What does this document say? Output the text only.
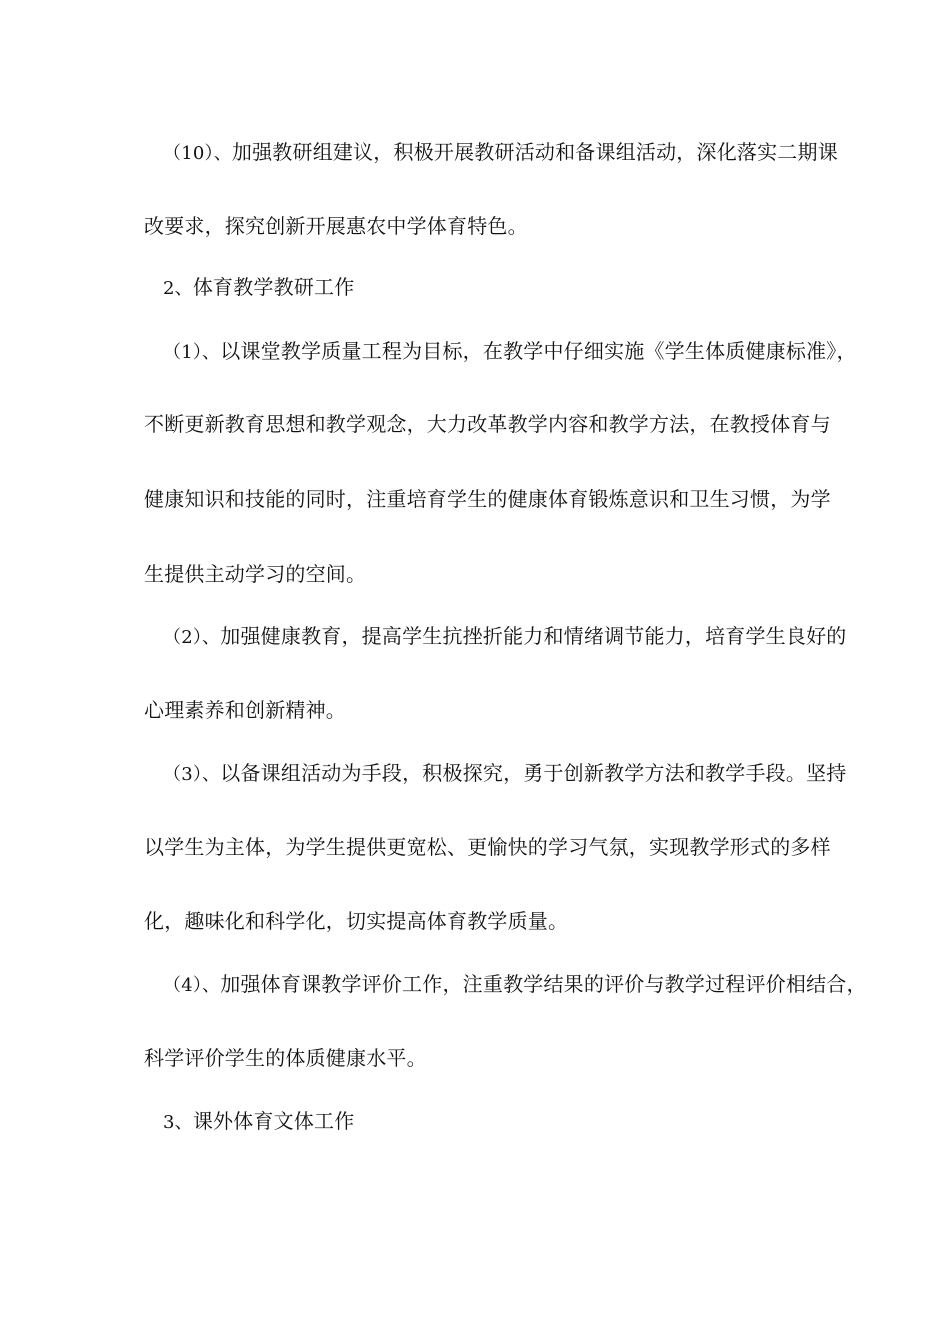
（10）、加强教研组建议，积极开展教研活动和备课组活动，深化落实二期课
改要求，探究创新开展惠农中学体育特色。
2、体育教学教研工作
（1）、以课堂教学质量工程为目标，在教学中仔细实施《学生体质健康标准》，
不断更新教育思想和教学观念，大力改革教学内容和教学方法，在教授体育与
健康知识和技能的同时，注重培育学生的健康体育锻炼意识和卫生习惯，为学
生提供主动学习的空间。
（2）、加强健康教育，提高学生抗挫折能力和情绪调节能力，培育学生良好的
心理素养和创新精神。
（3）、以备课组活动为手段，积极探究，勇于创新教学方法和教学手段。坚持
以学生为主体，为学生提供更宽松、更愉快的学习气氛，实现教学形式的多样
化，趣味化和科学化，切实提高体育教学质量。
（4）、加强体育课教学评价工作，注重教学结果的评价与教学过程评价相结合，
科学评价学生的体质健康水平。
3、课外体育文体工作
